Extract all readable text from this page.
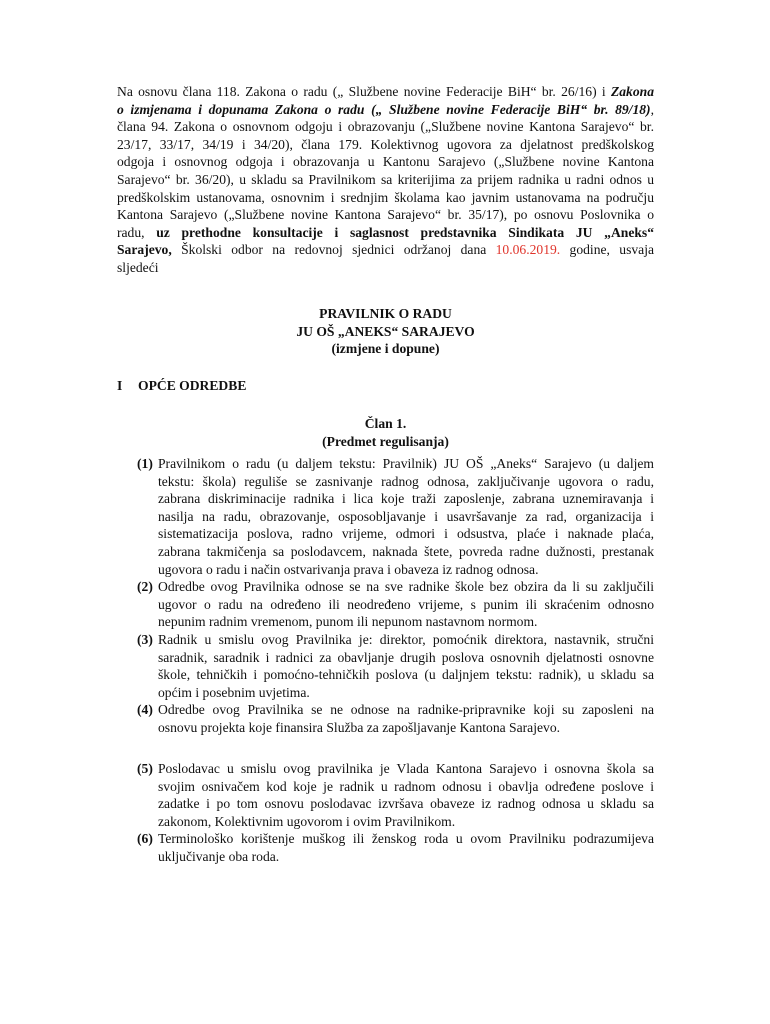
Na osnovu člana 118. Zakona o radu („ Službene novine Federacije BiH“ br. 26/16) i Zakona
o izmjenama i dopunama Zakona o radu („ Službene novine Federacije BiH“ br. 89/18),
člana 94. Zakona o osnovnom odgoju i obrazovanju („Službene novine Kantona Sarajevo“ br.
23/17, 33/17, 34/19 i 34/20), člana 179. Kolektivnog ugovora za djelatnost predškolskog
odgoja i osnovnog odgoja i obrazovanja u Kantonu Sarajevo („Službene novine Kantona
Sarajevo“ br. 36/20), u skladu sa Pravilnikom sa kriterijima za prijem radnika u radni odnos u
predškolskim ustanovama, osnovnim i srednjim školama kao javnim ustanovama na području
Kantona Sarajevo („Službene novine Kantona Sarajevo“ br. 35/17), po osnovu Poslovnika o
radu, uz prethodne konsultacije i saglasnost predstavnika Sindikata JU „Aneks“
Sarajevo, Školski odbor na redovnoj sjednici održanoj dana 10.06.2019. godine, usvaja
sljedeći
PRAVILNIK O RADU
JU OŠ „ANEKS“ SARAJEVO
(izmjene i dopune)
I OPĆE ODREDBE
Član 1.
(Predmet regulisanja)
(1) Pravilnikom o radu (u daljem tekstu: Pravilnik) JU OŠ „Aneks“ Sarajevo (u daljem
tekstu: škola) reguliše se zasnivanje radnog odnosa, zaključivanje ugovora o radu,
zabrana diskriminacije radnika i lica koje traži zaposlenje, zabrana uznemiravanja i
nasilja na radu, obrazovanje, osposobljavanje i usavršavanje za rad, organizacija i
sistematizacija poslova, radno vrijeme, odmori i odsustva, plaće i naknade plaća,
zabrana takmičenja sa poslodavcem, naknada štete, povreda radne dužnosti, prestanak
ugovora o radu i način ostvarivanja prava i obaveza iz radnog odnosa.
(2) Odredbe ovog Pravilnika odnose se na sve radnike škole bez obzira da li su zaključili
ugovor o radu na određeno ili neodređeno vrijeme, s punim ili skraćenim odnosno
nepunim radnim vremenom, punom ili nepunom nastavnom normom.
(3) Radnik u smislu ovog Pravilnika je: direktor, pomoćnik direktora, nastavnik, stručni
saradnik, saradnik i radnici za obavljanje drugih poslova osnovnih djelatnosti osnovne
škole, tehničkih i pomoćno-tehničkih poslova (u daljnjem tekstu: radnik), u skladu sa
općim i posebnim uvjetima.
(4) Odredbe ovog Pravilnika se ne odnose na radnike-pripravnike koji su zaposleni na
osnovu projekta koje finansira Služba za zapošljavanje Kantona Sarajevo.
(5) Poslodavac u smislu ovog pravilnika je Vlada Kantona Sarajevo i osnovna škola sa
svojim osnivačem kod koje je radnik u radnom odnosu i obavlja određene poslove i
zadatke i po tom osnovu poslodavac izvršava obaveze iz radnog odnosa u skladu sa
zakonom, Kolektivnim ugovorom i ovim Pravilnikom.
(6) Terminološko korištenje muškog ili ženskog roda u ovom Pravilniku podrazumijeva
uključivanje oba roda.
